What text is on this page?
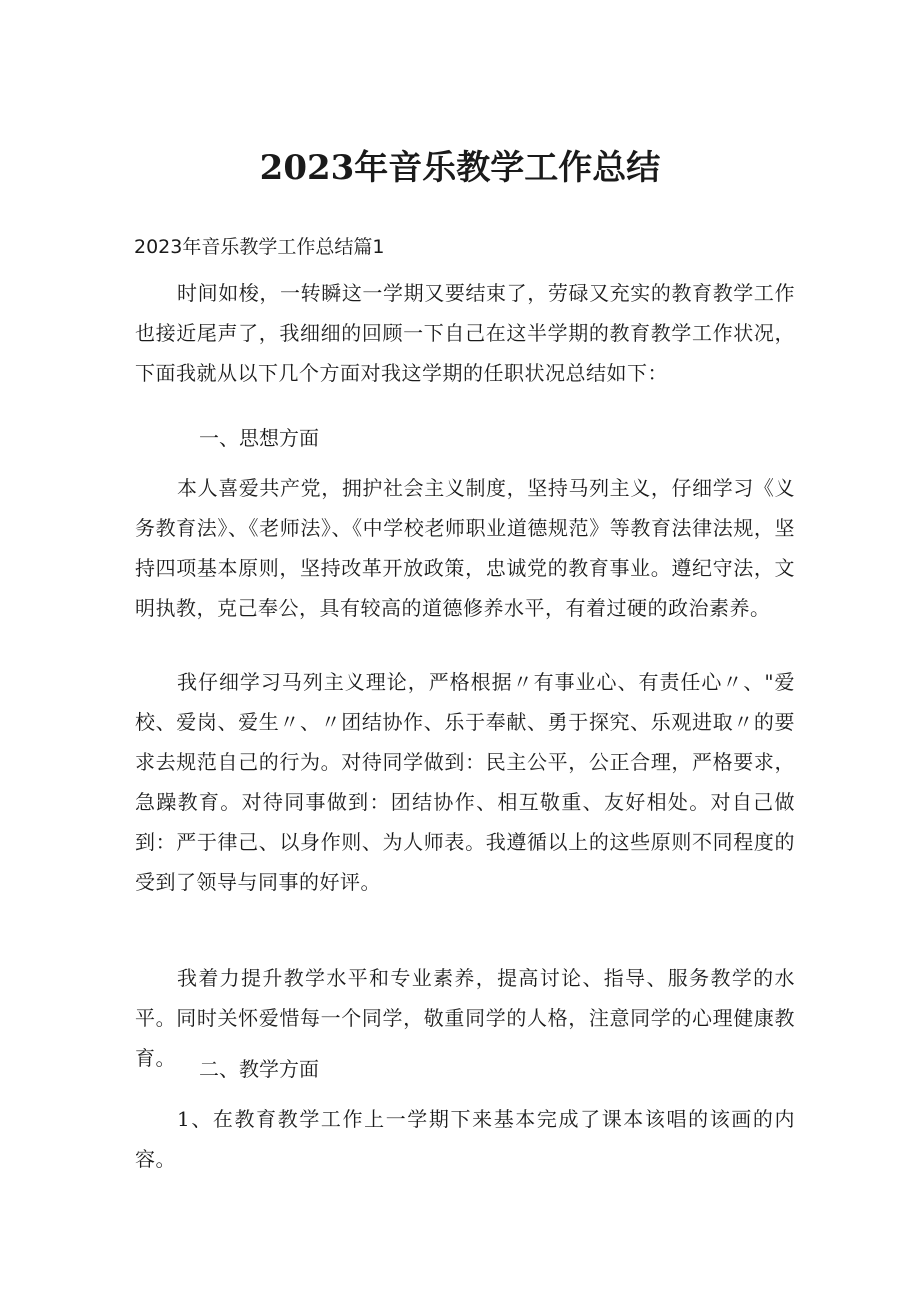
2023年音乐教学工作总结
2023年音乐教学工作总结篇1

时间如梭，一转瞬这一学期又要结束了，劳碌又充实的教育教学工作也接近尾声了，我细细的回顾一下自己在这半学期的教育教学工作状况，下面我就从以下几个方面对我这学期的任职状况总结如下：

一、思想方面

本人喜爱共产党，拥护社会主义制度，坚持马列主义，仔细学习《义务教育法》、《老师法》、《中学校老师职业道德规范》等教育法律法规，坚持四项基本原则，坚持改革开放政策，忠诚党的教育事业。遵纪守法，文明执教，克己奉公，具有较高的道德修养水平，有着过硬的政治素养。

我仔细学习马列主义理论，严格根据〃有事业心、有责任心〃、"爱校、爱岗、爱生〃、〃团结协作、乐于奉献、勇于探究、乐观进取〃的要求去规范自己的行为。对待同学做到：民主公平，公正合理，严格要求，急躁教育。对待同事做到：团结协作、相互敬重、友好相处。对自己做到：严于律己、以身作则、为人师表。我遵循以上的这些原则不同程度的受到了领导与同事的好评。

我着力提升教学水平和专业素养，提高讨论、指导、服务教学的水平。同时关怀爱惜每一个同学，敬重同学的人格，注意同学的心理健康教育。	二、教学方面

1、在教育教学工作上一学期下来基本完成了课本该唱的该画的内容。
